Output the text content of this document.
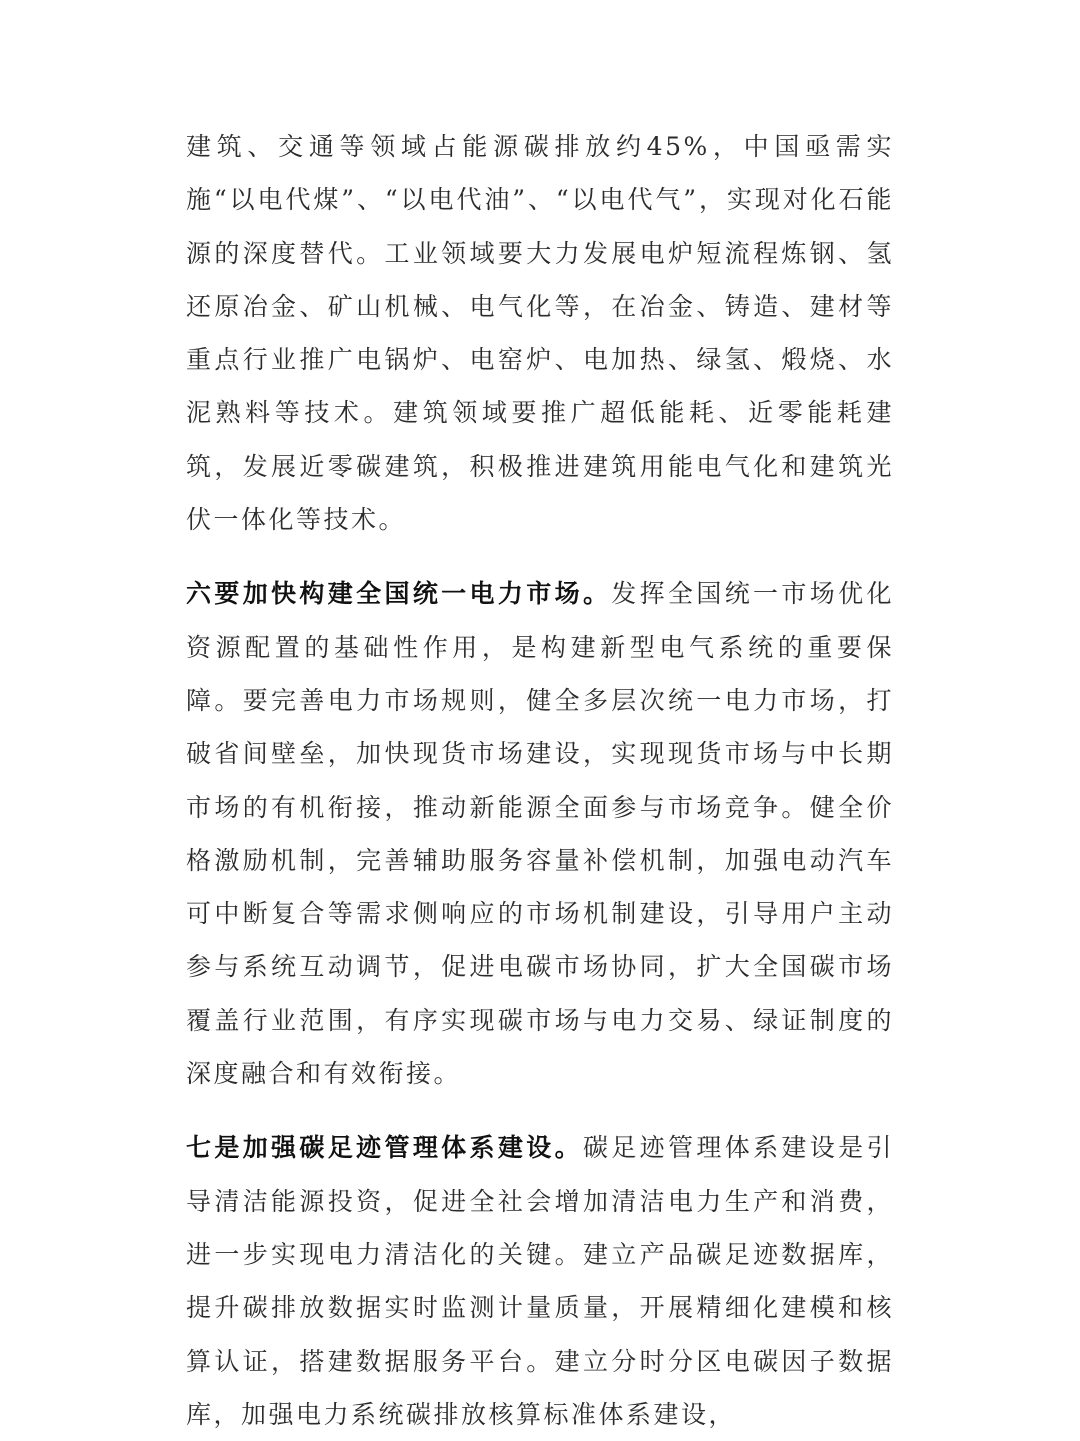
建筑、交通等领域占能源碳排放约45%，中国亟需实施“以电代煤”、“以电代油”、“以电代气”，实现对化石能源的深度替代。工业领域要大力发展电炉短流程炼钢、氢还原冶金、矿山机械、电气化等，在冶金、铸造、建材等重点行业推广电锅炉、电窑炉、电加热、绿氢、煅烧、水泥熟料等技术。建筑领域要推广超低能耗、近零能耗建筑，发展近零碳建筑，积极推进建筑用能电气化和建筑光伏一体化等技术。

六要加快构建全国统一电力市场。发挥全国统一市场优化资源配置的基础性作用，是构建新型电气系统的重要保障。要完善电力市场规则，健全多层次统一电力市场，打破省间壁垒，加快现货市场建设，实现现货市场与中长期市场的有机衔接，推动新能源全面参与市场竞争。健全价格激励机制，完善辅助服务容量补偿机制，加强电动汽车可中断复合等需求侧响应的市场机制建设，引导用户主动参与系统互动调节，促进电碳市场协同，扩大全国碳市场覆盖行业范围，有序实现碳市场与电力交易、绿证制度的深度融合和有效衔接。

七是加强碳足迹管理体系建设。碳足迹管理体系建设是引导清洁能源投资，促进全社会增加清洁电力生产和消费，进一步实现电力清洁化的关键。建立产品碳足迹数据库，提升碳排放数据实时监测计量质量，开展精细化建模和核算认证，搭建数据服务平台。建立分时分区电碳因子数据库，加强电力系统碳排放核算标准体系建设，
